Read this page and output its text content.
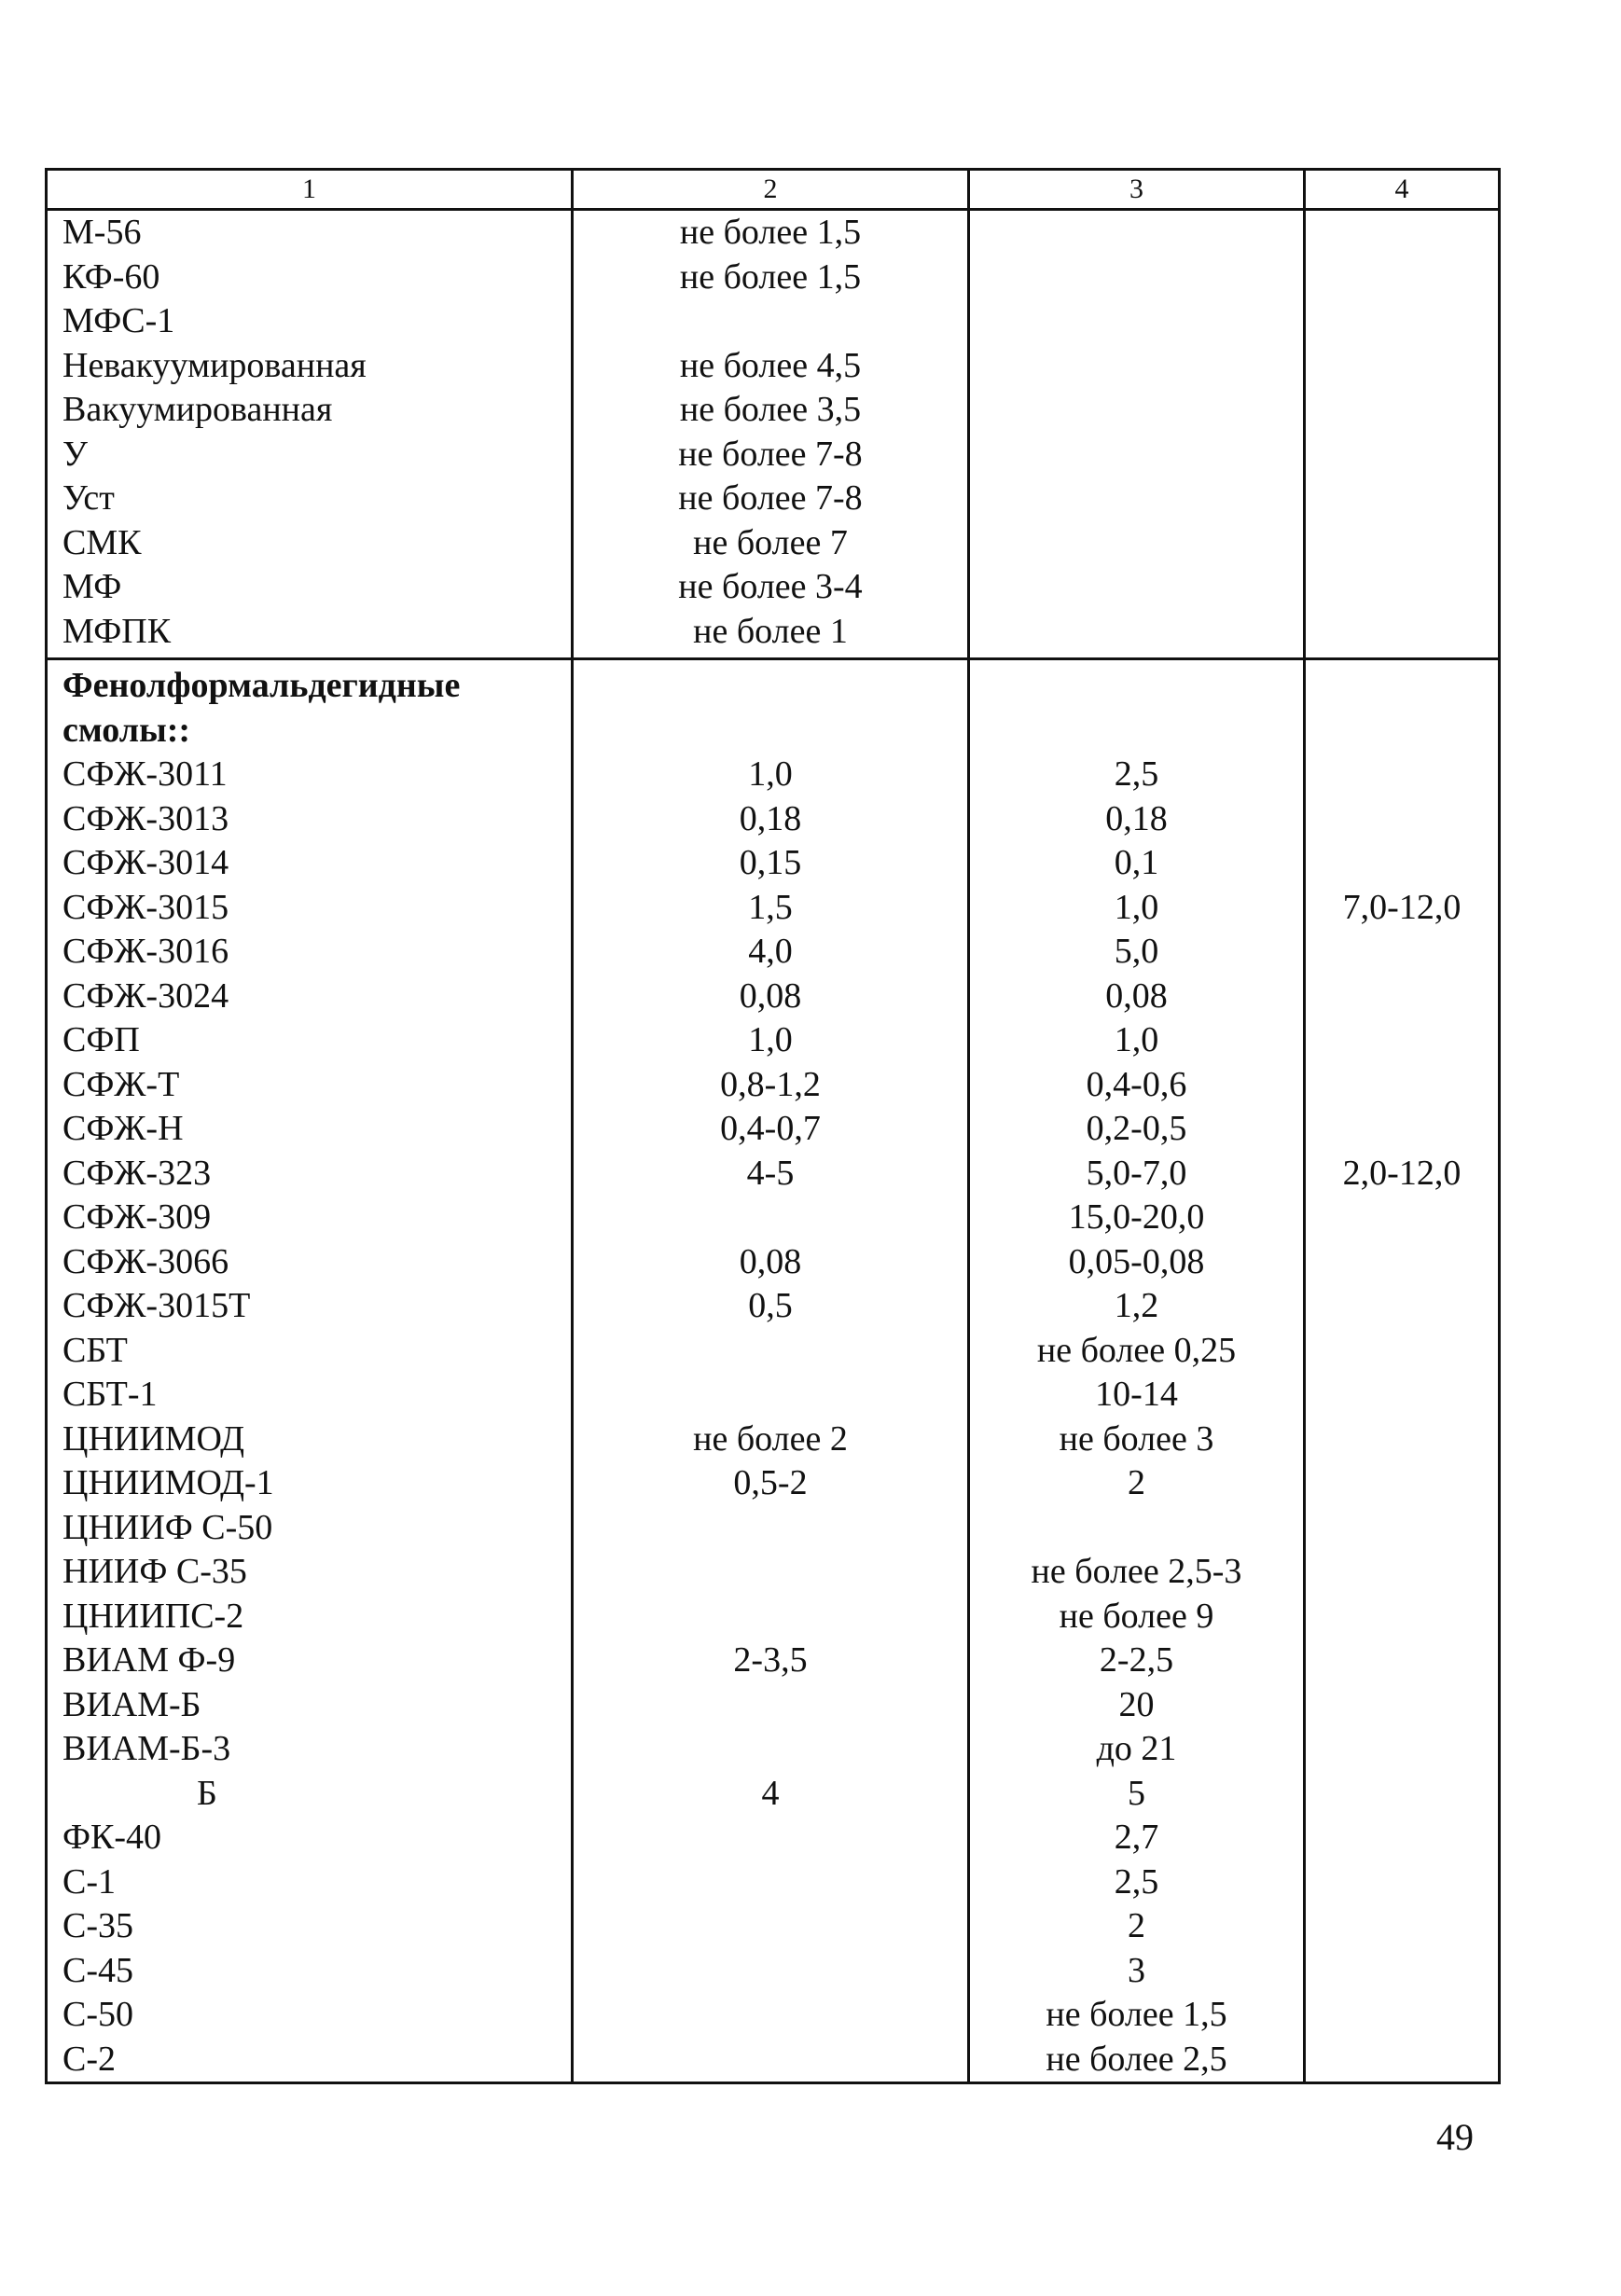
1	2	3	4
М-56	не более 1,5		
КФ-60	не более 1,5		
МФС-1			
Невакуумированная	не более 4,5		
Вакуумированная	не более 3,5		
У	не более 7-8		
Уст	не более 7-8		
СМК	не более 7		
МФ	не более 3-4		
МФПК	не более 1		
Фенолформальдегидные			
смолы::			
СФЖ-3011	1,0	2,5	
СФЖ-3013	0,18	0,18	
СФЖ-3014	0,15	0,1	
СФЖ-3015	1,5	1,0	7,0-12,0
СФЖ-3016	4,0	5,0	
СФЖ-3024	0,08	0,08	
СФП	1,0	1,0	
СФЖ-Т	0,8-1,2	0,4-0,6	
СФЖ-Н	0,4-0,7	0,2-0,5	
СФЖ-323	4-5	5,0-7,0	2,0-12,0
СФЖ-309		15,0-20,0	
СФЖ-3066	0,08	0,05-0,08	
СФЖ-3015Т	0,5	1,2	
СБТ		не более 0,25	
СБТ-1		10-14	
ЦНИИМОД	не более 2	не более 3	
ЦНИИМОД-1	0,5-2	2	
ЦНИИФ С-50			
НИИФ С-35		не более 2,5-3	
ЦНИИПС-2		не более 9	
ВИАМ Ф-9	2-3,5	2-2,5	
ВИАМ-Б		20	
ВИАМ-Б-3		до 21	
Б	4	5	
ФК-40		2,7	
С-1		2,5	
С-35		2	
С-45		3	
С-50		не более 1,5	
С-2		не более 2,5	
49
